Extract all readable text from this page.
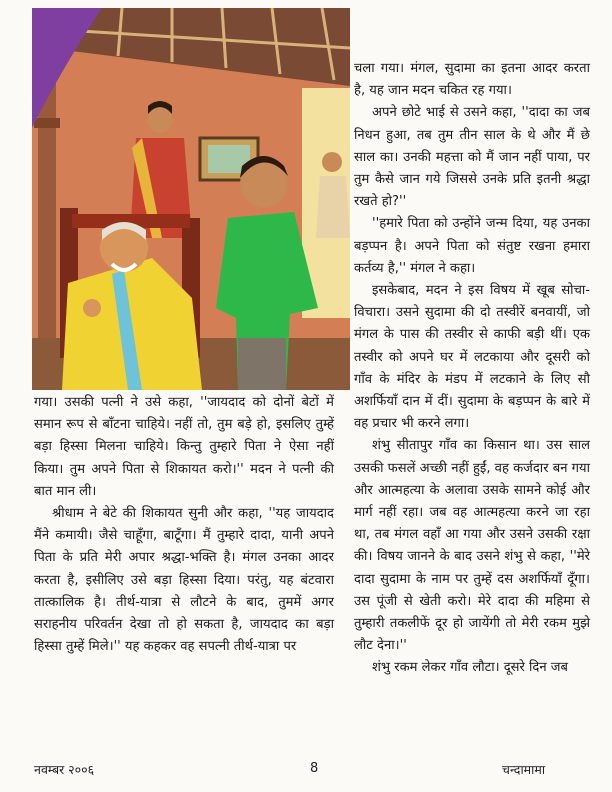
चला गया। मंगल, सुदामा का इतना आदर करता है, यह जान मदन चकित रह गया।

अपने छोटे भाई से उसने कहा, ''दादा का जब निधन हुआ, तब तुम तीन साल के थे और मैं छे साल का। उनकी महत्ता को मैं जान नहीं पाया, पर तुम कैसे जान गये जिससे उनके प्रति इतनी श्रद्धा रखते हो?''

''हमारे पिता को उन्होंने जन्म दिया, यह उनका बड़प्पन है। अपने पिता को संतुष्ट रखना हमारा कर्तव्य है,'' मंगल ने कहा।

इसकेबाद, मदन ने इस विषय में खूब सोचा-विचारा। उसने सुदामा की दो तस्वीरें बनवायीं, जो मंगल के पास की तस्वीर से काफी बड़ी थीं। एक तस्वीर को अपने घर में लटकाया और दूसरी को गाँव के मंदिर के मंडप में लटकाने के लिए सौ अशर्फियाँ दान में दीं। सुदामा के बड़प्पन के बारे में वह प्रचार भी करने लगा।

शंभु सीतापुर गाँव का किसान था। उस साल उसकी फसलें अच्छी नहीं हुईं, वह कर्जदार बन गया और आत्महत्या के अलावा उसके सामने कोई और मार्ग नहीं रहा। जब वह आत्महत्या करने जा रहा था, तब मंगल वहाँ आ गया और उसने उसकी रक्षा की। विषय जानने के बाद उसने शंभु से कहा, ''मेरे दादा सुदामा के नाम पर तुम्हें दस अशर्फियाँ दूँगा। उस पूंजी से खेती करो। मेरे दादा की महिमा से तुम्हारी तकलीफें दूर हो जायेंगी तो मेरी रकम मुझे लौट देना।''

शंभु रकम लेकर गाँव लौटा। दूसरे दिन जब

गया। उसकी पत्नी ने उसे कहा, ''जायदाद को दोनों बेटों में समान रूप से बाँटना चाहिये। नहीं तो, तुम बड़े हो, इसलिए तुम्हें बड़ा हिस्सा मिलना चाहिये। किन्तु तुम्हारे पिता ने ऐसा नहीं किया। तुम अपने पिता से शिकायत करो।'' मदन ने पत्नी की बात मान ली।

श्रीधाम ने बेटे की शिकायत सुनी और कहा, ''यह जायदाद मैंने कमायी। जैसे चाहूँगा, बाटूँगा। मैं तुम्हारे दादा, यानी अपने पिता के प्रति मेरी अपार श्रद्धा-भक्ति है। मंगल उनका आदर करता है, इसीलिए उसे बड़ा हिस्सा दिया। परंतु, यह बंटवारा तात्कालिक है। तीर्थ-यात्रा से लौटने के बाद, तुममें अगर सराहनीय परिवर्तन देखा तो हो सकता है, जायदाद का बड़ा हिस्सा तुम्हें मिले।'' यह कहकर वह सपत्नी तीर्थ-यात्रा पर

नवम्बर २००६	8	चन्दामामा
